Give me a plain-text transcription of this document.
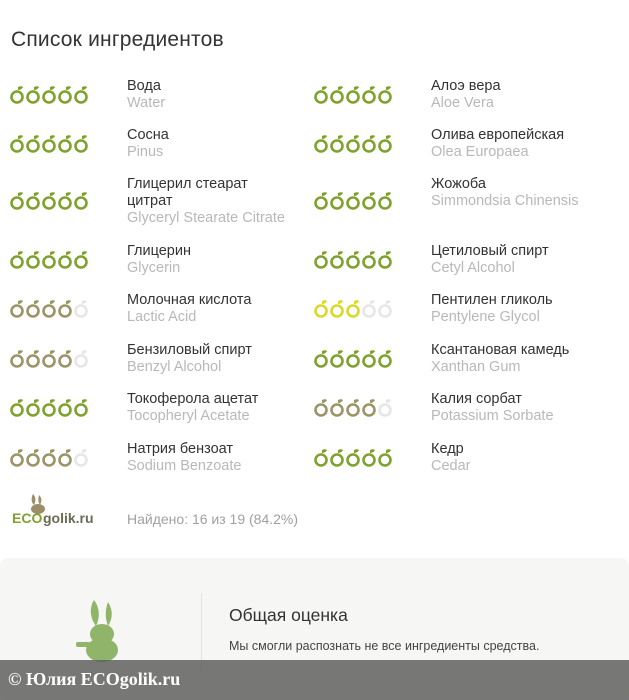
Список ингредиентов
Вода
Water
Сосна
Pinus
Глицерил стеарат цитрат
Glyceryl Stearate Citrate
Глицерин
Glycerin
Молочная кислота
Lactic Acid
Бензиловый спирт
Benzyl Alcohol
Токоферола ацетат
Tocopheryl Acetate
Натрия бензоат
Sodium Benzoate
Алоэ вера
Aloe Vera
Олива европейская
Olea Europaea
Жожоба
Simmondsia Chinensis
Цетиловый спирт
Cetyl Alcohol
Пентилен гликоль
Pentylene Glycol
Ксантановая камедь
Xanthan Gum
Калия сорбат
Potassium Sorbate
Кедр
Cedar
ECO golik.ru Найдено: 16 из 19 (84.2%)
Общая оценка
Мы смогли распознать не все ингредиенты средства.
© Юлия ECOgolik.ru
